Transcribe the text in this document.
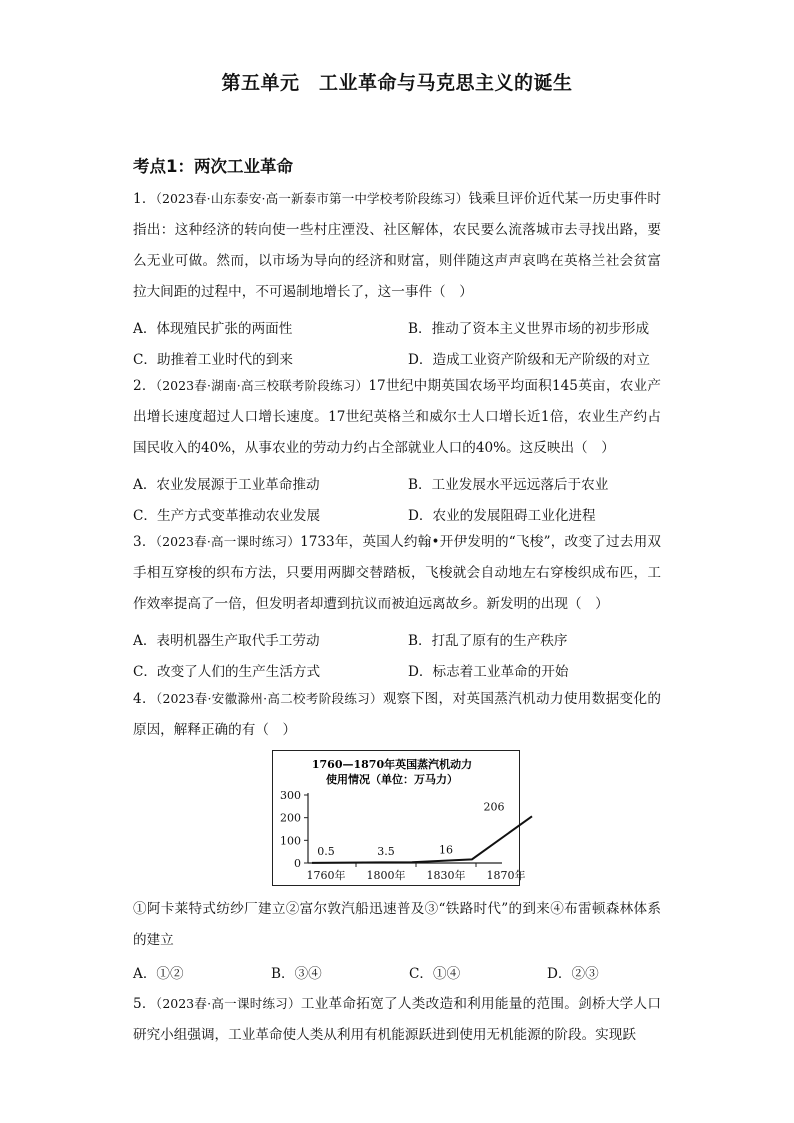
第五单元　工业革命与马克思主义的诞生
考点1：两次工业革命
1．（2023春·山东泰安·高一新泰市第一中学校考阶段练习）钱乘旦评价近代某一历史事件时指出：这种经济的转向使一些村庄湮没、社区解体，农民要么流落城市去寻找出路，要么无业可做。然而，以市场为导向的经济和财富，则伴随这声声哀鸣在英格兰社会贫富拉大间距的过程中，不可遏制地增长了，这一事件（　）
A．体现殖民扩张的两面性	B．推动了资本主义世界市场的初步形成
C．助推着工业时代的到来	D．造成工业资产阶级和无产阶级的对立
2．（2023春·湖南·高三校联考阶段练习）17世纪中期英国农场平均面积145英亩，农业产出增长速度超过人口增长速度。17世纪英格兰和威尔士人口增长近1倍，农业生产约占国民收入的40%，从事农业的劳动力约占全部就业人口的40%。这反映出（　）
A．农业发展源于工业革命推动	B．工业发展水平远远落后于农业
C．生产方式变革推动农业发展	D．农业的发展阻碍工业化进程
3．（2023春·高一课时练习）1733年，英国人约翰•开伊发明的“飞梭”，改变了过去用双手相互穿梭的织布方法，只要用两脚交替踏板，飞梭就会自动地左右穿梭织成布匹，工作效率提高了一倍，但发明者却遭到抗议而被迫远离故乡。新发明的出现（　）
A．表明机器生产取代手工劳动	B．打乱了原有的生产秩序
C．改变了人们的生产生活方式	D．标志着工业革命的开始
4．（2023春·安徽滁州·高二校考阶段练习）观察下图，对英国蒸汽机动力使用数据变化的原因，解释正确的有（　）
1760—1870年英国蒸汽机动力
使用情况（单位：万马力）
300
200
100
0
1760年 1800年 1830年 1870年
0.5	3.5	16
206
①阿卡莱特式纺纱厂建立②富尔敦汽船迅速普及③“铁路时代”的到来④布雷顿森林体系的建立
A．①②	B．③④	C．①④	D．②③
5．（2023春·高一课时练习）工业革命拓宽了人类改造和利用能量的范围。剑桥大学人口研究小组强调，工业革命使人类从利用有机能源跃进到使用无机能源的阶段。实现跃
